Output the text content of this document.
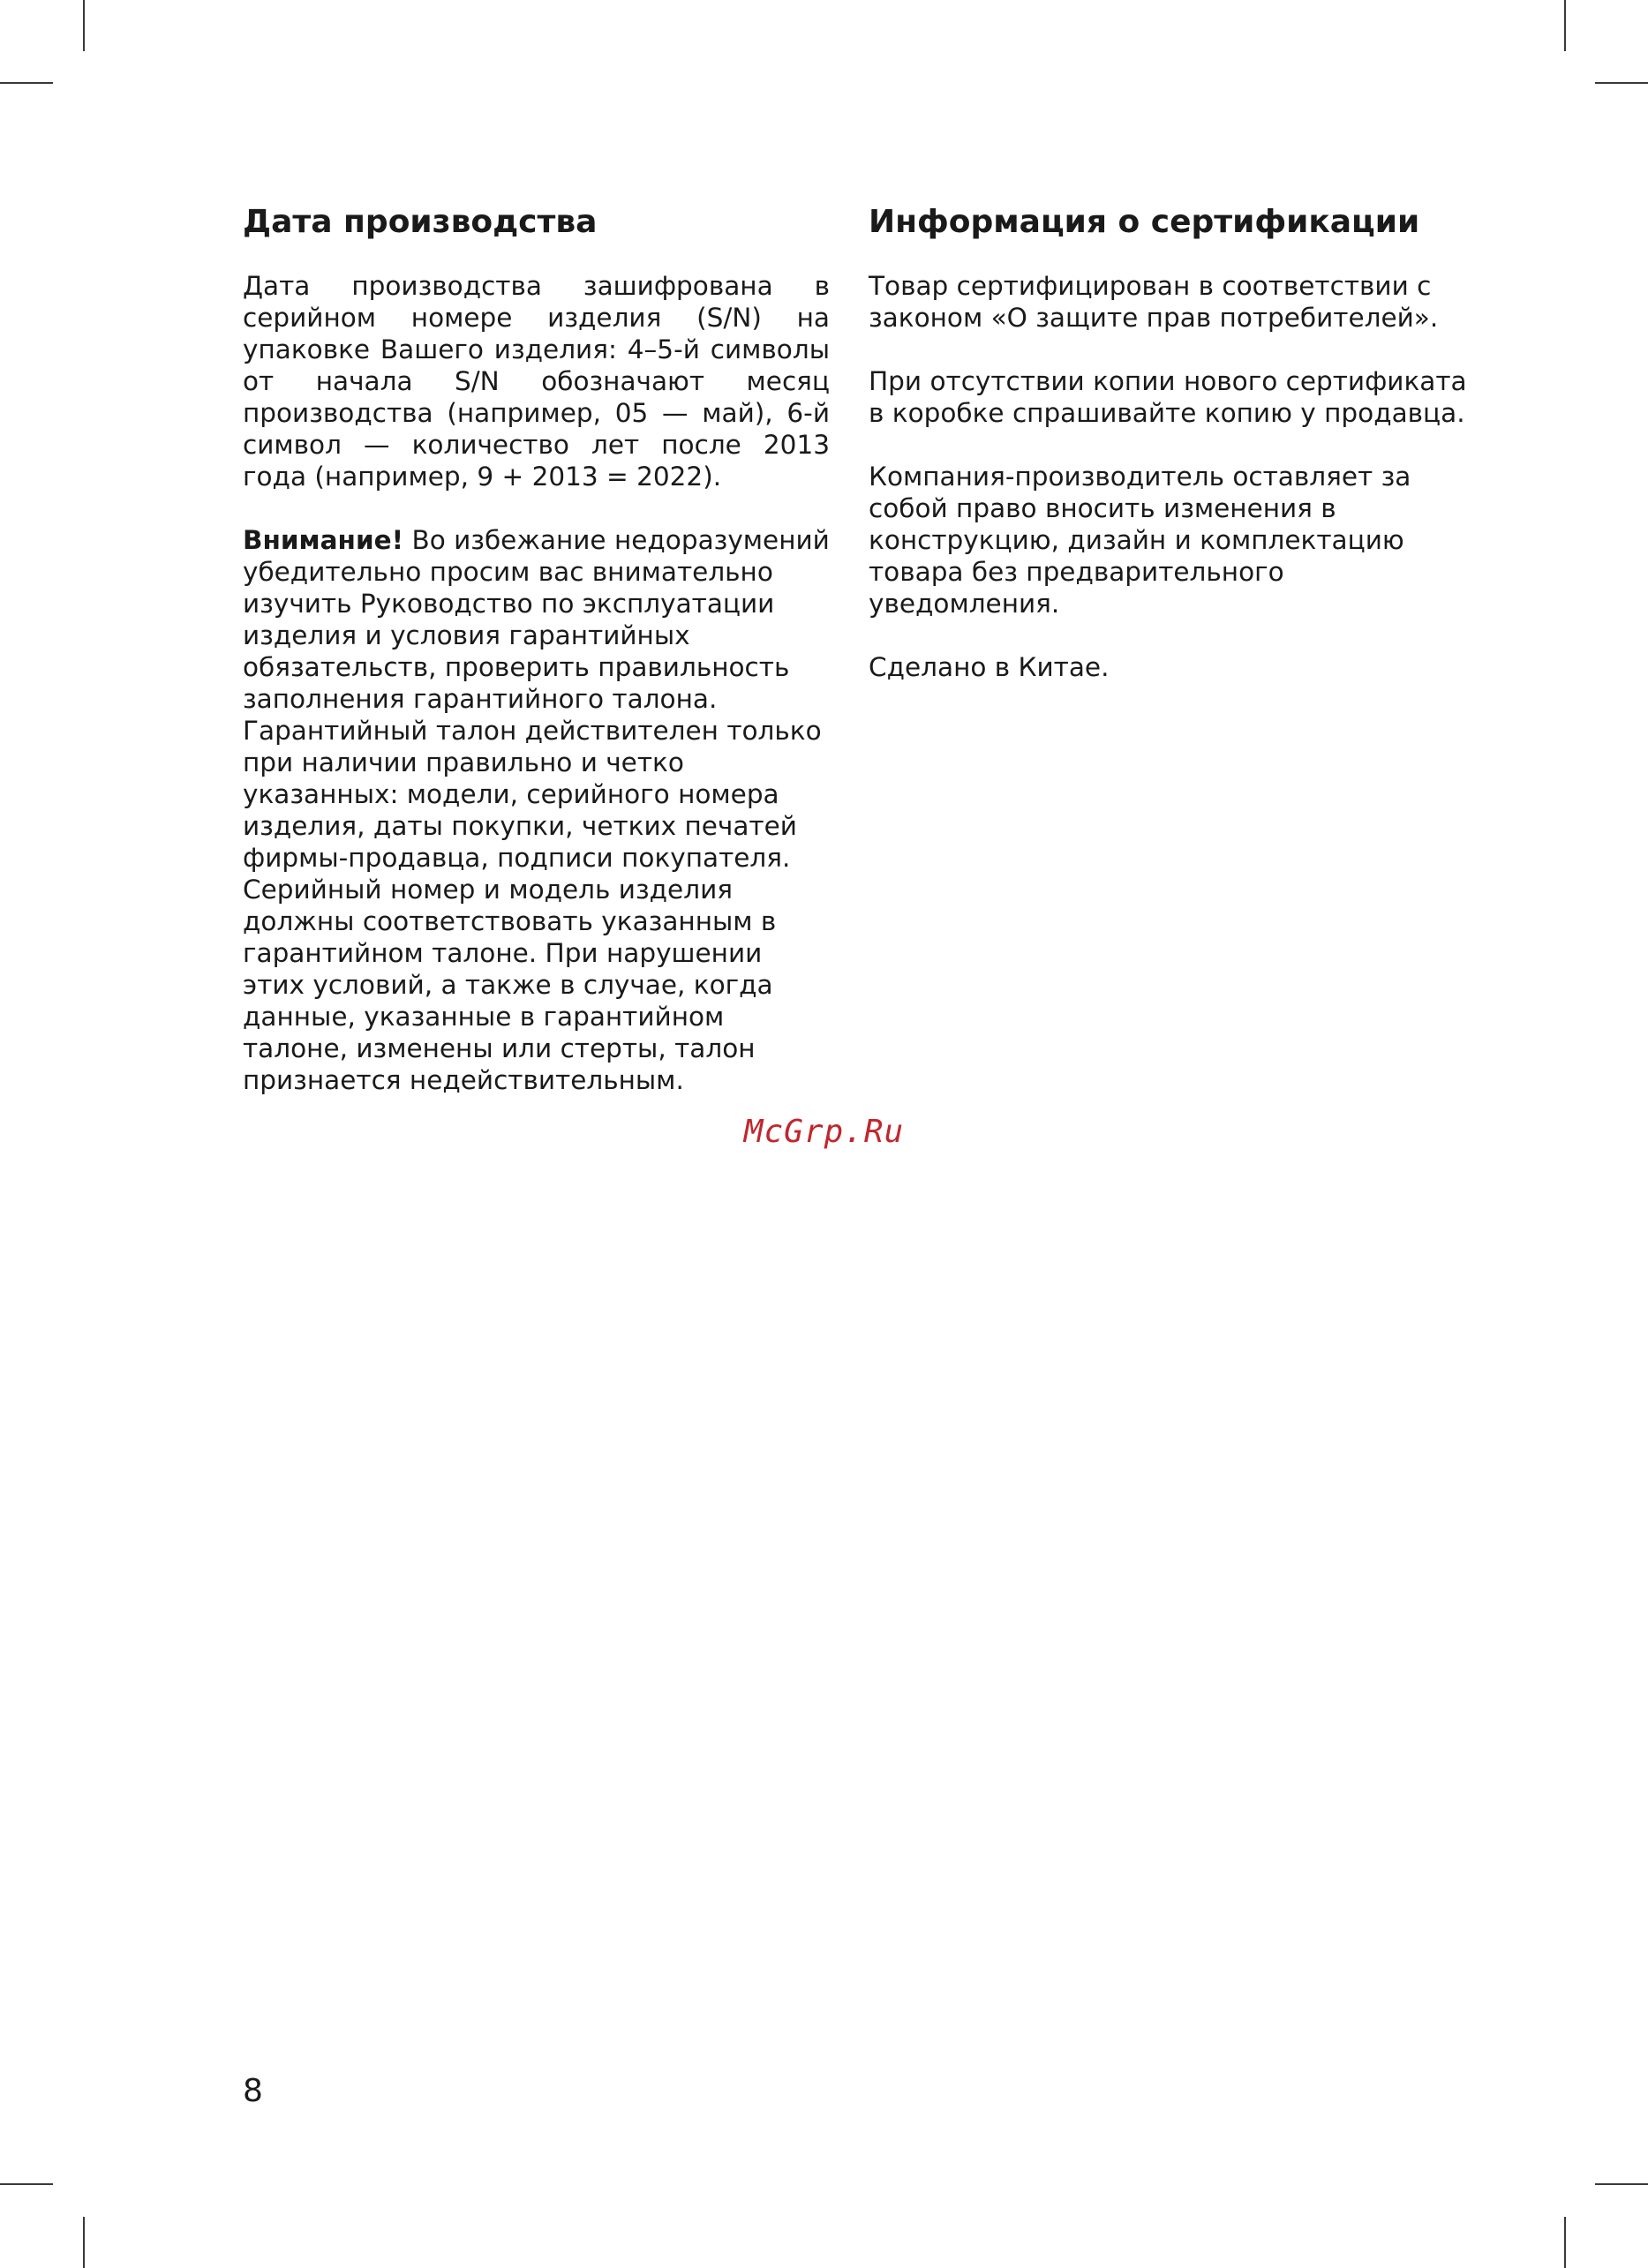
Дата производства

Дата производства зашифрована в серийном номере изделия (S/N) на упаковке Вашего изделия: 4–5-й символы от начала S/N обозначают месяц производства (например, 05 — май), 6-й символ — количество лет после 2013 года (например, 9 + 2013 = 2022).

Внимание! Во избежание недоразумений убедительно просим вас внимательно изучить Руководство по эксплуатации изделия и условия гарантийных обязательств, проверить правильность заполнения гарантийного талона. Гарантийный талон действителен только при наличии правильно и четко указанных: модели, серийного номера изделия, даты покупки, четких печатей фирмы-продавца, подписи покупателя. Серийный номер и модель изделия должны соответствовать указанным в гарантийном талоне. При нарушении этих условий, а также в случае, когда данные, указанные в гарантийном талоне, изменены или стерты, талон признается недействительным.

Информация о сертификации

Товар сертифицирован в соответствии с законом «О защите прав потребителей».

При отсутствии копии нового сертификата в коробке спрашивайте копию у продавца.

Компания-производитель оставляет за собой право вносить изменения в конструкцию, дизайн и комплектацию товара без предварительного уведомления.

Сделано в Китае.

McGrp.Ru
8
